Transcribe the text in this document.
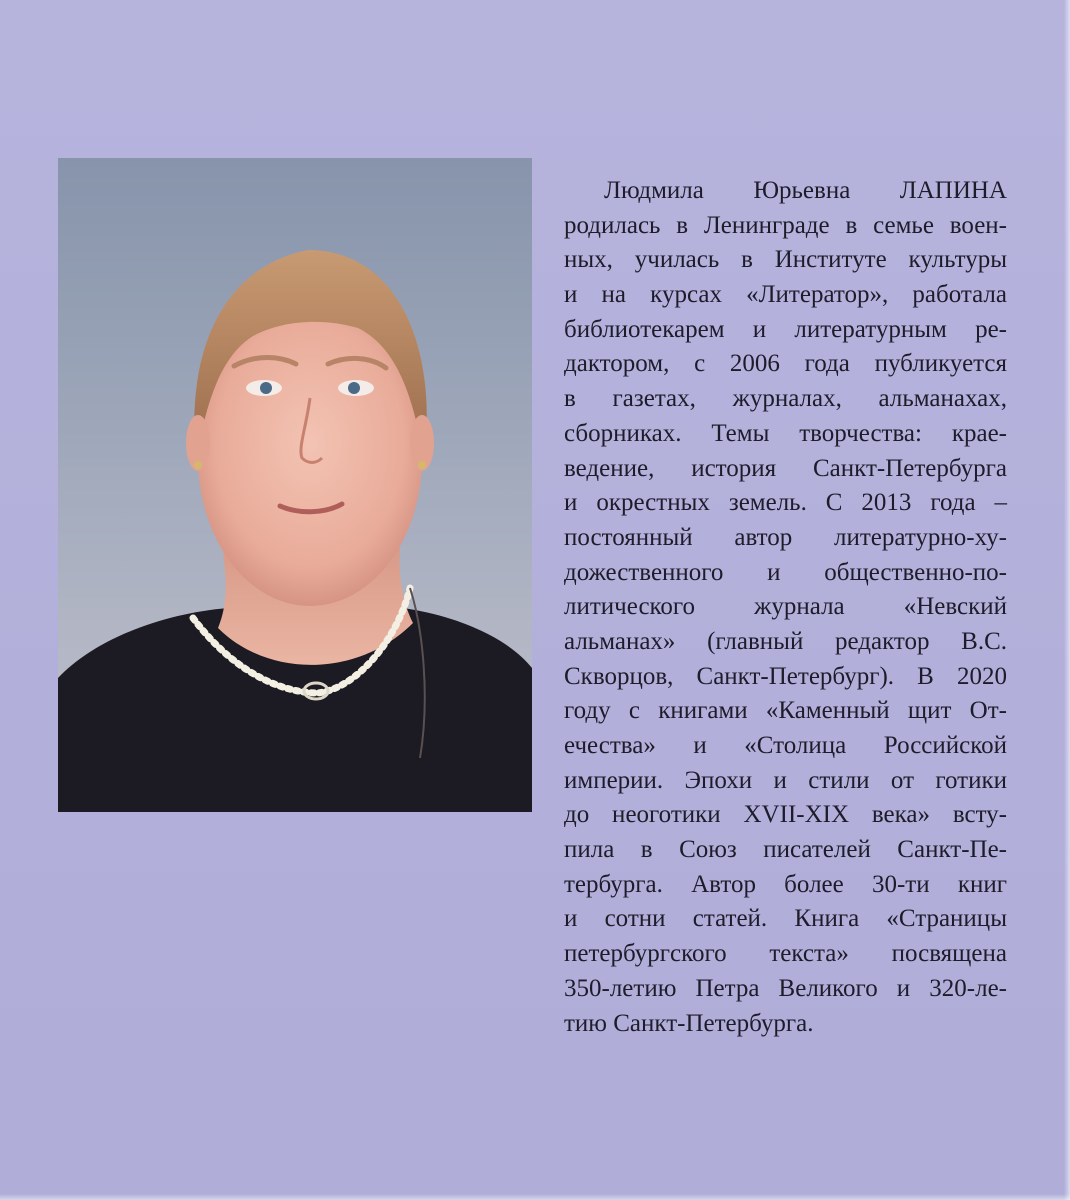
Людмила Юрьевна ЛАПИНА
родилась в Ленинграде в семье воен-
ных, училась в Институте культуры
и на курсах «Литератор», работала
библиотекарем и литературным ре-
дактором, с 2006 года публикуется
в газетах, журналах, альманахах,
сборниках. Темы творчества: крае-
ведение, история Санкт-Петербурга
и окрестных земель. С 2013 года –
постоянный автор литературно-ху-
дожественного и общественно-по-
литического журнала «Невский
альманах» (главный редактор В.С.
Скворцов, Санкт-Петербург). В 2020
году с книгами «Каменный щит От-
ечества» и «Столица Российской
империи. Эпохи и стили от готики
до неоготики XVII-XIX века» всту-
пила в Союз писателей Санкт-Пе-
тербурга. Автор более 30-ти книг
и сотни статей. Книга «Страницы
петербургского текста» посвящена
350-летию Петра Великого и 320-ле-
тию Санкт-Петербурга.
